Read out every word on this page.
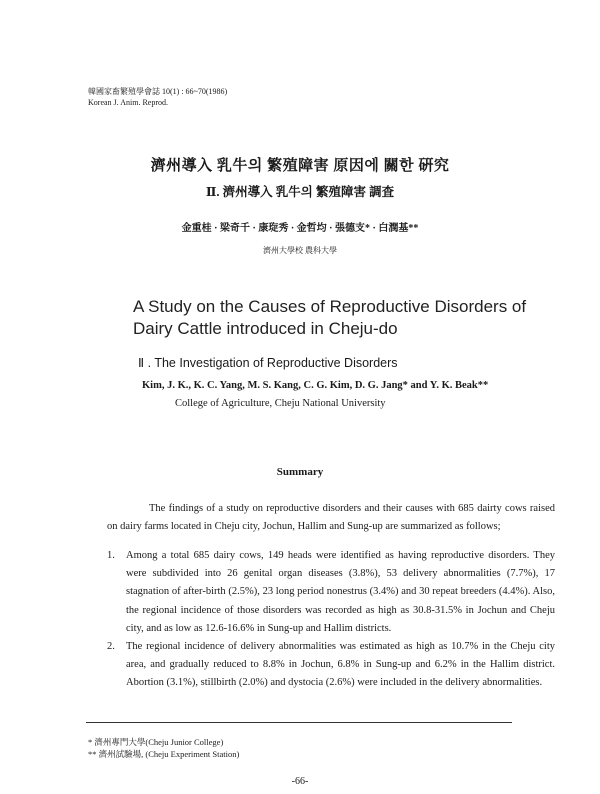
韓國家畜繁殖學會誌 10(1) : 66~70(1986)
Korean J. Anim. Reprod.
濟州導入 乳牛의 繁殖障害 原因에 關한 硏究
Ⅱ. 濟州導入 乳牛의 繁殖障害 調査
金重桂 · 梁奇千 · 康琁秀 · 金哲均 · 張德支* · 白潤基**
濟州大學校 農科大學
A Study on the Causes of Reproductive Disorders of
Dairy Cattle introduced in Cheju-do
Ⅱ . The Investigation of Reproductive Disorders
Kim, J. K., K. C. Yang, M. S. Kang, C. G. Kim, D. G. Jang* and Y. K. Beak**
College of Agriculture, Cheju National University
Summary
The findings of a study on reproductive disorders and their causes with 685 dairty cows raised on dairy farms located in Cheju city, Jochun, Hallim and Sung-up are summarized as follows;
1. Among a total 685 dairy cows, 149 heads were identified as having reproductive disorders. They were subdivided into 26 genital organ diseases (3.8%), 53 delivery abnormalities (7.7%), 17 stagnation of after-birth (2.5%), 23 long period nonestrus (3.4%) and 30 repeat breeders (4.4%). Also, the regional incidence of those disorders was recorded as high as 30.8-31.5% in Jochun and Cheju city, and as low as 12.6-16.6% in Sung-up and Hallim districts.
2. The regional incidence of delivery abnormalities was estimated as high as 10.7% in the Cheju city area, and gradually reduced to 8.8% in Jochun, 6.8% in Sung-up and 6.2% in the Hallim district. Abortion (3.1%), stillbirth (2.0%) and dystocia (2.6%) were included in the delivery abnormalities.
* 濟州專門大學(Cheju Junior College)
** 濟州試驗場, (Cheju Experiment Station)
-66-
